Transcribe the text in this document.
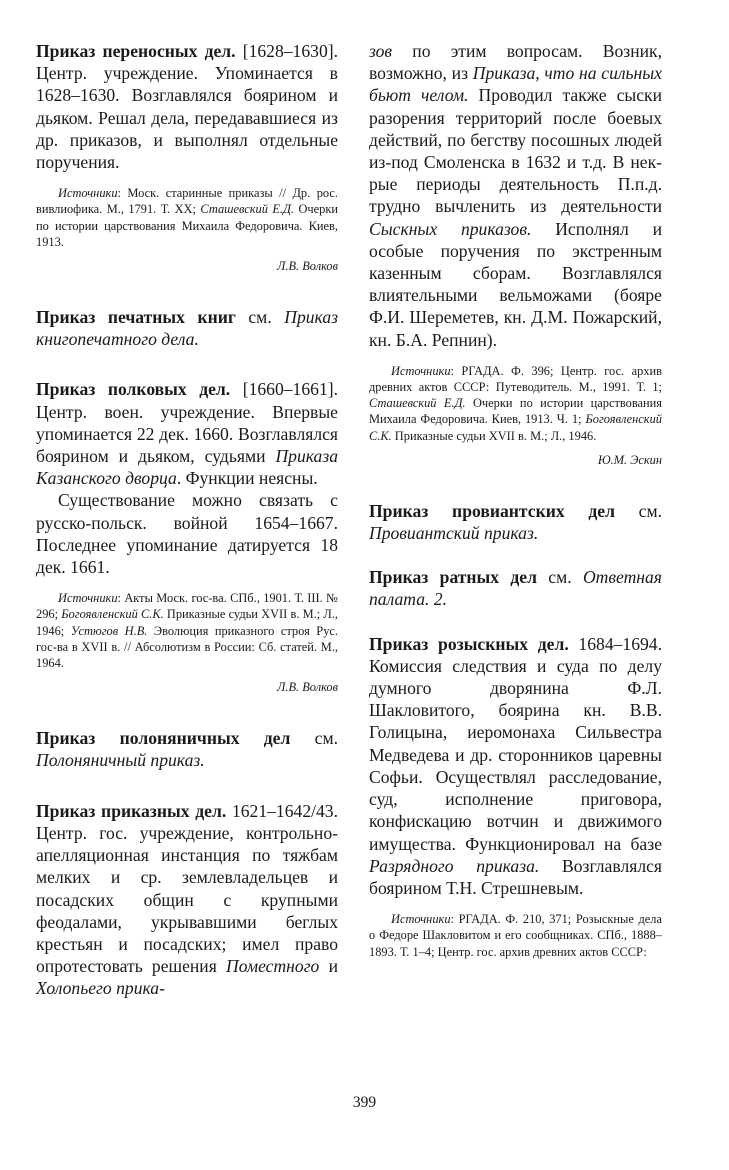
Приказ переносных дел. [1628–1630]. Центр. учреждение. Упоминается в 1628–1630. Возглавлялся боярином и дьяком. Решал дела, передававшиеся из др. приказов, и выполнял отдельные поручения.

Источники: Моск. старинные приказы // Др. рос. вивлиофика. М., 1791. Т. XX; Сташевский Е.Д. Очерки по истории царствования Михаила Федоровича. Киев, 1913.

Л.В. Волков

Приказ печатных книг см. Приказ книгопечатного дела.

Приказ полковых дел. [1660–1661]. Центр. воен. учреждение. Впервые упоминается 22 дек. 1660. Возглавлялся боярином и дьяком, судьями Приказа Казанского дворца. Функции неясны.

Существование можно связать с русско-польск. войной 1654–1667. Последнее упоминание датируется 18 дек. 1661.

Источники: Акты Моск. гос-ва. СПб., 1901. Т. III. № 296; Богоявленский С.К. Приказные судьи XVII в. М.; Л., 1946; Устюгов Н.В. Эволюция приказного строя Рус. гос-ва в XVII в. // Абсолютизм в России: Сб. статей. М., 1964.

Л.В. Волков

Приказ полоняничных дел см. Полоняничный приказ.

Приказ приказных дел. 1621–1642/43. Центр. гос. учреждение, контрольно-апелляционная инстанция по тяжбам мелких и ср. землевладельцев и посадских общин с крупными феодалами, укрывавшими беглых крестьян и посадских; имел право опротестовать решения Поместного и Холопьего прика-

зов по этим вопросам. Возник, возможно, из Приказа, что на сильных бьют челом. Проводил также сыски разорения территорий после боевых действий, по бегству посошных людей из-под Смоленска в 1632 и т.д. В нек-рые периоды деятельность П.п.д. трудно вычленить из деятельности Сыскных приказов. Исполнял и особые поручения по экстренным казенным сборам. Возглавлялся влиятельными вельможами (бояре Ф.И. Шереметев, кн. Д.М. Пожарский, кн. Б.А. Репнин).

Источники: РГАДА. Ф. 396; Центр. гос. архив древних актов СССР: Путеводитель. М., 1991. Т. 1; Сташевский Е.Д. Очерки по истории царствования Михаила Федоровича. Киев, 1913. Ч. 1; Богоявленский С.К. Приказные судьи XVII в. М.; Л., 1946.

Ю.М. Эскин

Приказ провиантских дел см. Провиантский приказ.

Приказ ратных дел см. Ответная палата. 2.

Приказ розыскных дел. 1684–1694. Комиссия следствия и суда по делу думного дворянина Ф.Л. Шакловитого, боярина кн. В.В. Голицына, иеромонаха Сильвестра Медведева и др. сторонников царевны Софьи. Осуществлял расследование, суд, исполнение приговора, конфискацию вотчин и движимого имущества. Функционировал на базе Разрядного приказа. Возглавлялся боярином Т.Н. Стрешневым.

Источники: РГАДА. Ф. 210, 371; Розыскные дела о Федоре Шакловитом и его сообщниках. СПб., 1888–1893. Т. 1–4; Центр. гос. архив древних актов СССР:

399
